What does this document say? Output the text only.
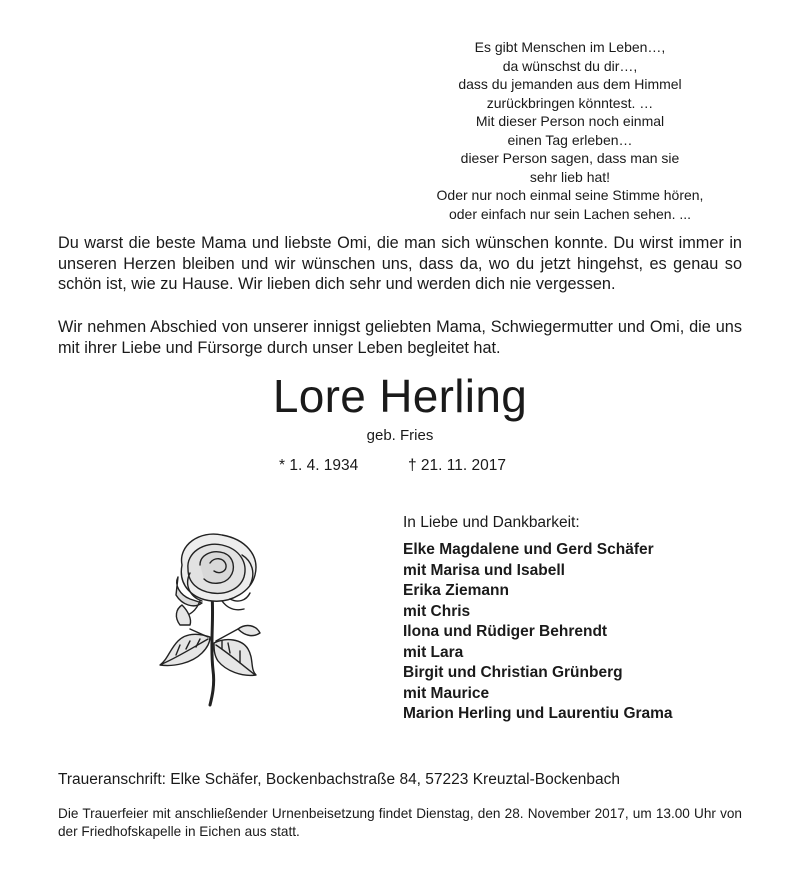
Es gibt Menschen im Leben…,
da wünschst du dir…,
dass du jemanden aus dem Himmel
zurückbringen könntest. …
Mit dieser Person noch einmal
einen Tag erleben…
dieser Person sagen, dass man sie
sehr lieb hat!
Oder nur noch einmal seine Stimme hören,
oder einfach nur sein Lachen sehen. ...
Du warst die beste Mama und liebste Omi, die man sich wünschen konnte. Du wirst immer in unseren Herzen bleiben und wir wünschen uns, dass da, wo du jetzt hingehst, es genau so schön ist, wie zu Hause. Wir lieben dich sehr und werden dich nie vergessen.
Wir nehmen Abschied von unserer innigst geliebten Mama, Schwiegermutter und Omi, die uns mit ihrer Liebe und Fürsorge durch unser Leben begleitet hat.
Lore Herling
geb. Fries
* 1. 4. 1934	† 21. 11. 2017
In Liebe und Dankbarkeit:
Elke Magdalene und Gerd Schäfer
mit Marisa und Isabell
Erika Ziemann
mit Chris
Ilona und Rüdiger Behrendt
mit Lara
Birgit und Christian Grünberg
mit Maurice
Marion Herling und Laurentiu Grama
Traueranschrift: Elke Schäfer, Bockenbachstraße 84, 57223 Kreuztal-Bockenbach
Die Trauerfeier mit anschließender Urnenbeisetzung findet Dienstag, den 28. November 2017, um 13.00 Uhr von der Friedhofskapelle in Eichen aus statt.
